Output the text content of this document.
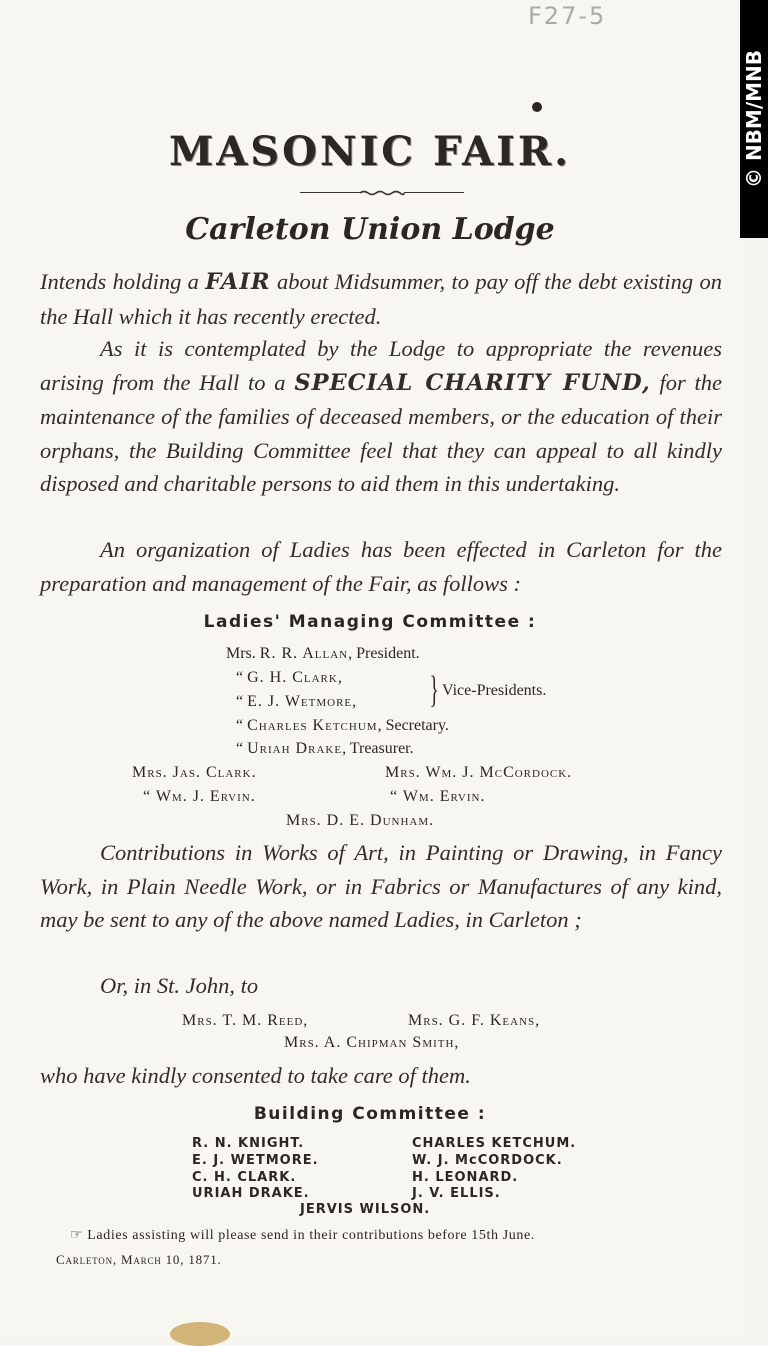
F27-5
© NBM/MNB
MASONIC FAIR.
Carleton Union Lodge
Intends holding a FAIR about Midsummer, to pay off the debt existing on the Hall which it has recently erected.
As it is contemplated by the Lodge to appropriate the revenues arising from the Hall to a SPECIAL CHARITY FUND, for the maintenance of the families of deceased members, or the education of their orphans, the Building Committee feel that they can appeal to all kindly disposed and charitable persons to aid them in this undertaking.
An organization of Ladies has been effected in Carleton for the preparation and management of the Fair, as follows :
Ladies' Managing Committee :
Mrs. R. R. Allan, President.
“ G. H. Clark,
“ E. J. Wetmore, } Vice-Presidents.
“ Charles Ketchum, Secretary.
“ Uriah Drake, Treasurer.
Mrs. Jas. Clark.	Mrs. Wm. J. McCordock.
“ Wm. J. Ervin.	“ Wm. Ervin.
Mrs. D. E. Dunham.
Contributions in Works of Art, in Painting or Drawing, in Fancy Work, in Plain Needle Work, or in Fabrics or Manufactures of any kind, may be sent to any of the above named Ladies, in Carleton ;
Or, in St. John, to
Mrs. T. M. Reed,	Mrs. G. F. Keans,
Mrs. A. Chipman Smith,
who have kindly consented to take care of them.
Building Committee :
R. N. KNIGHT.	CHARLES KETCHUM.
E. J. WETMORE.	W. J. McCORDOCK.
C. H. CLARK.	H. LEONARD.
URIAH DRAKE.	J. V. ELLIS.
JERVIS WILSON.
☞ Ladies assisting will please send in their contributions before 15th June.
Carleton, March 10, 1871.
